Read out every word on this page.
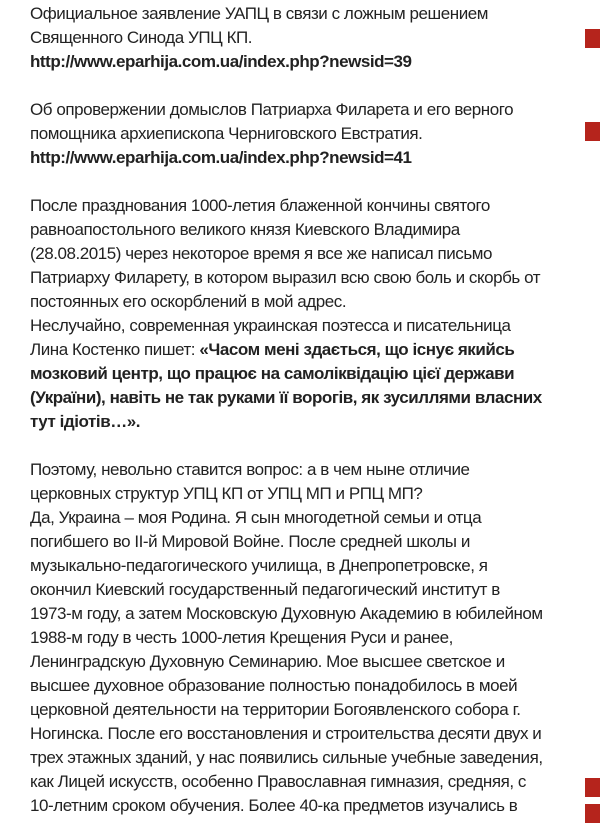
Официальное заявление УАПЦ в связи с ложным решением
Священного Синода УПЦ КП.
http://www.eparhija.com.ua/index.php?newsid=39

Об опровержении домыслов Патриарха Филарета и его верного
помощника архиепископа Черниговского Евстратия.
http://www.eparhija.com.ua/index.php?newsid=41

После празднования 1000-летия блаженной кончины святого
равноапостольного великого князя Киевского Владимира
(28.08.2015) через некоторое время я все же написал письмо
Патриарху Филарету, в котором выразил всю свою боль и скорбь от
постоянных его оскорблений в мой адрес.
Неслучайно, современная украинская поэтесса и писательница
Лина Костенко пишет: «Часом мені здається, що існує якийсь
мозковий центр, що працює на самоліквідацію цієї держави
(України), навіть не так руками її ворогів, як зусиллями власних
тут ідіотів…».

Поэтому, невольно ставится вопрос: а в чем ныне отличие
церковных структур УПЦ КП от УПЦ МП и РПЦ МП?
Да, Украина – моя Родина. Я сын многодетной семьи и отца
погибшего во II-й Мировой Войне. После средней школы и
музыкально-педагогического училища, в Днепропетровске, я
окончил Киевский государственный педагогический институт в
1973-м году, а затем Московскую Духовную Академию в юбилейном
1988-м году в честь 1000-летия Крещения Руси и ранее,
Ленинградскую Духовную Семинарию. Мое высшее светское и
высшее духовное образование полностью понадобилось в моей
церковной деятельности на территории Богоявленского собора г.
Ногинска. После его восстановления и строительства десяти двух и
трех этажных зданий, у нас появились сильные учебные заведения,
как Лицей искусств, особенно Православная гимназия, средняя, с
10-летним сроком обучения. Более 40-ка предметов изучались в
